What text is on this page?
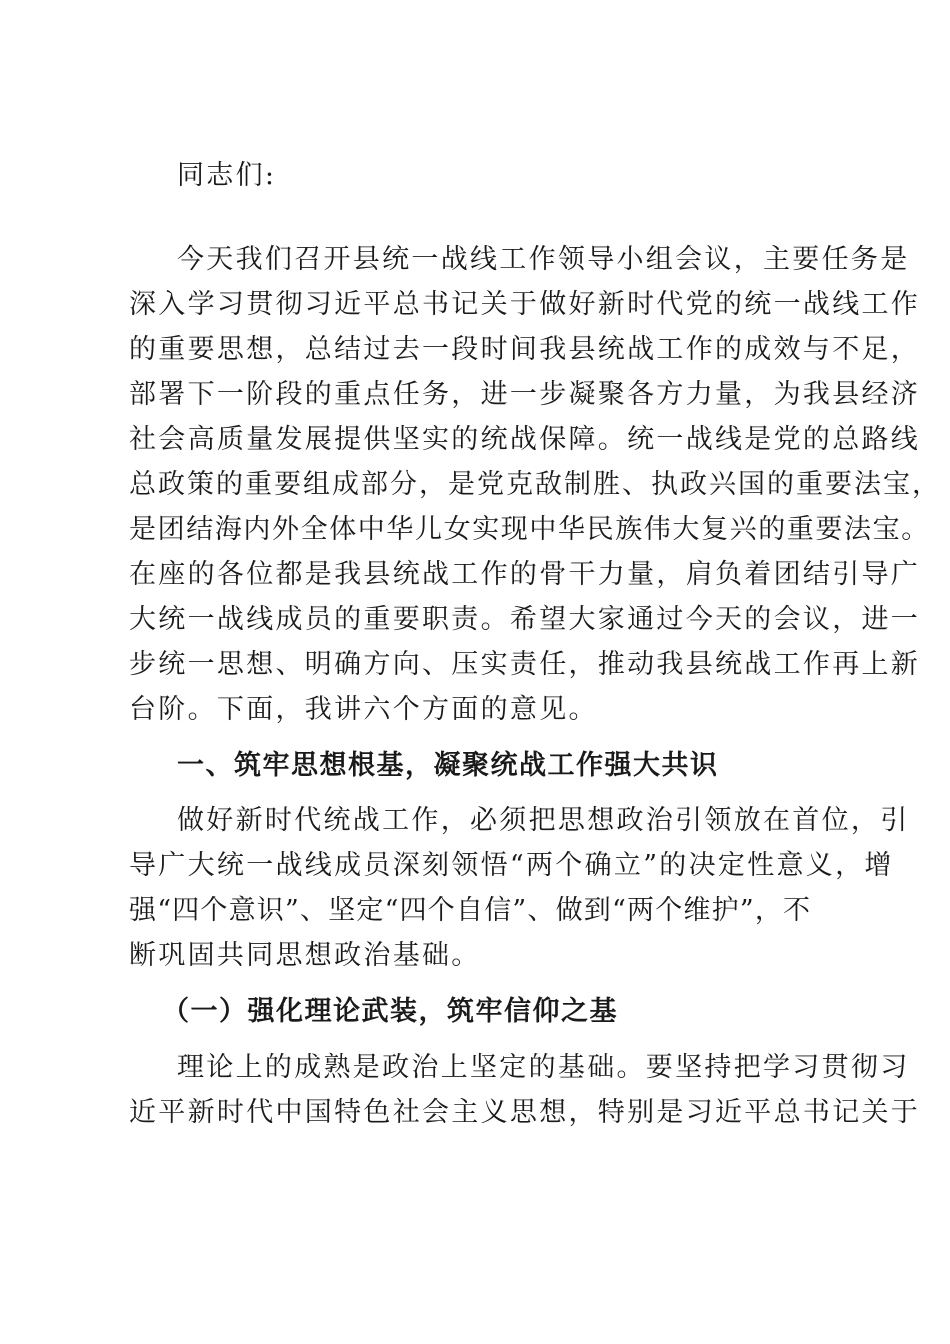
同志们:
今天我们召开县统一战线工作领导小组会议，主要任务是
深入学习贯彻习近平总书记关于做好新时代党的统一战线工作
的重要思想，总结过去一段时间我县统战工作的成效与不足，
部署下一阶段的重点任务，进一步凝聚各方力量，为我县经济
社会高质量发展提供坚实的统战保障。统一战线是党的总路线
总政策的重要组成部分，是党克敌制胜、执政兴国的重要法宝，
是团结海内外全体中华儿女实现中华民族伟大复兴的重要法宝。
在座的各位都是我县统战工作的骨干力量，肩负着团结引导广
大统一战线成员的重要职责。希望大家通过今天的会议，进一
步统一思想、明确方向、压实责任，推动我县统战工作再上新
台阶。下面，我讲六个方面的意见。
一、筑牢思想根基，凝聚统战工作强大共识
做好新时代统战工作，必须把思想政治引领放在首位，引
导广大统一战线成员深刻领悟“两个确立”的决定性意义，增
强“四个意识”、坚定“四个自信”、做到“两个维护”，不
断巩固共同思想政治基础。
（一）强化理论武装，筑牢信仰之基
理论上的成熟是政治上坚定的基础。要坚持把学习贯彻习
近平新时代中国特色社会主义思想，特别是习近平总书记关于
